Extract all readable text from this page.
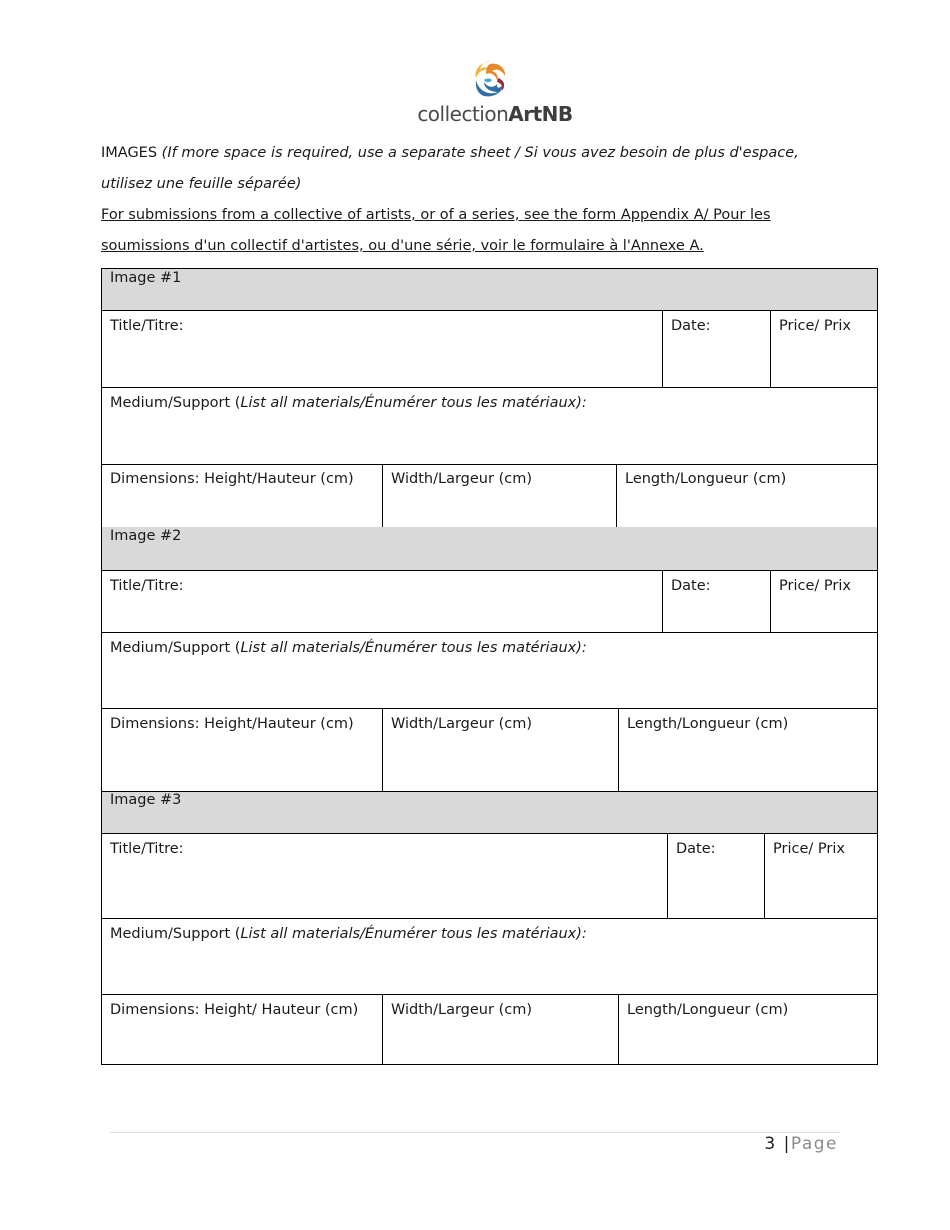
collectionArtNB

IMAGES (If more space is required, use a separate sheet / Si vous avez besoin de plus d'espace, utilisez une feuille séparée)

For submissions from a collective of artists, or of a series, see the form Appendix A/ Pour les soumissions d'un collectif d'artistes, ou d'une série, voir le formulaire à l'Annexe A.

Image #1
Title/Titre:	Date:	Price/ Prix
Medium/Support (List all materials/Énumérer tous les matériaux):
Dimensions: Height/Hauteur (cm)	Width/Largeur (cm)	Length/Longueur (cm)
Image #2
Title/Titre:	Date:	Price/ Prix
Medium/Support (List all materials/Énumérer tous les matériaux):
Dimensions: Height/Hauteur (cm)	Width/Largeur (cm)	Length/Longueur (cm)
Image #3
Title/Titre:	Date:	Price/ Prix
Medium/Support (List all materials/Énumérer tous les matériaux):
Dimensions: Height/ Hauteur (cm)	Width/Largeur (cm)	Length/Longueur (cm)
3 |Page
